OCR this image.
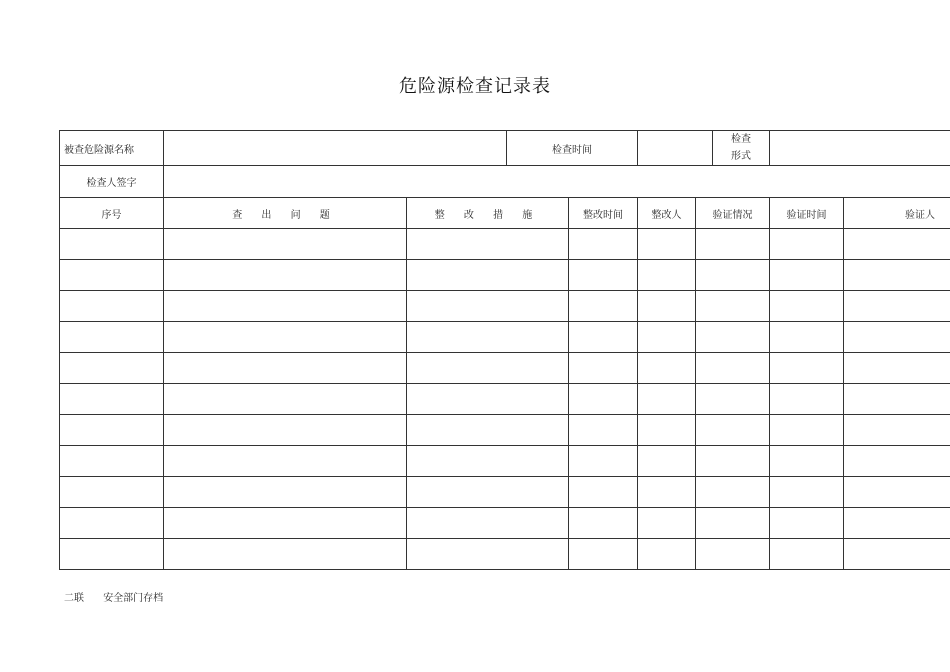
危险源检查记录表
被查危险源名称			检查时间				检查
形式		

检查人签字									
序号	查 出 问 题	整 改 措 施		整改时间	整改人	验证情况		验证时间	验证人

二联 安全部门存档
